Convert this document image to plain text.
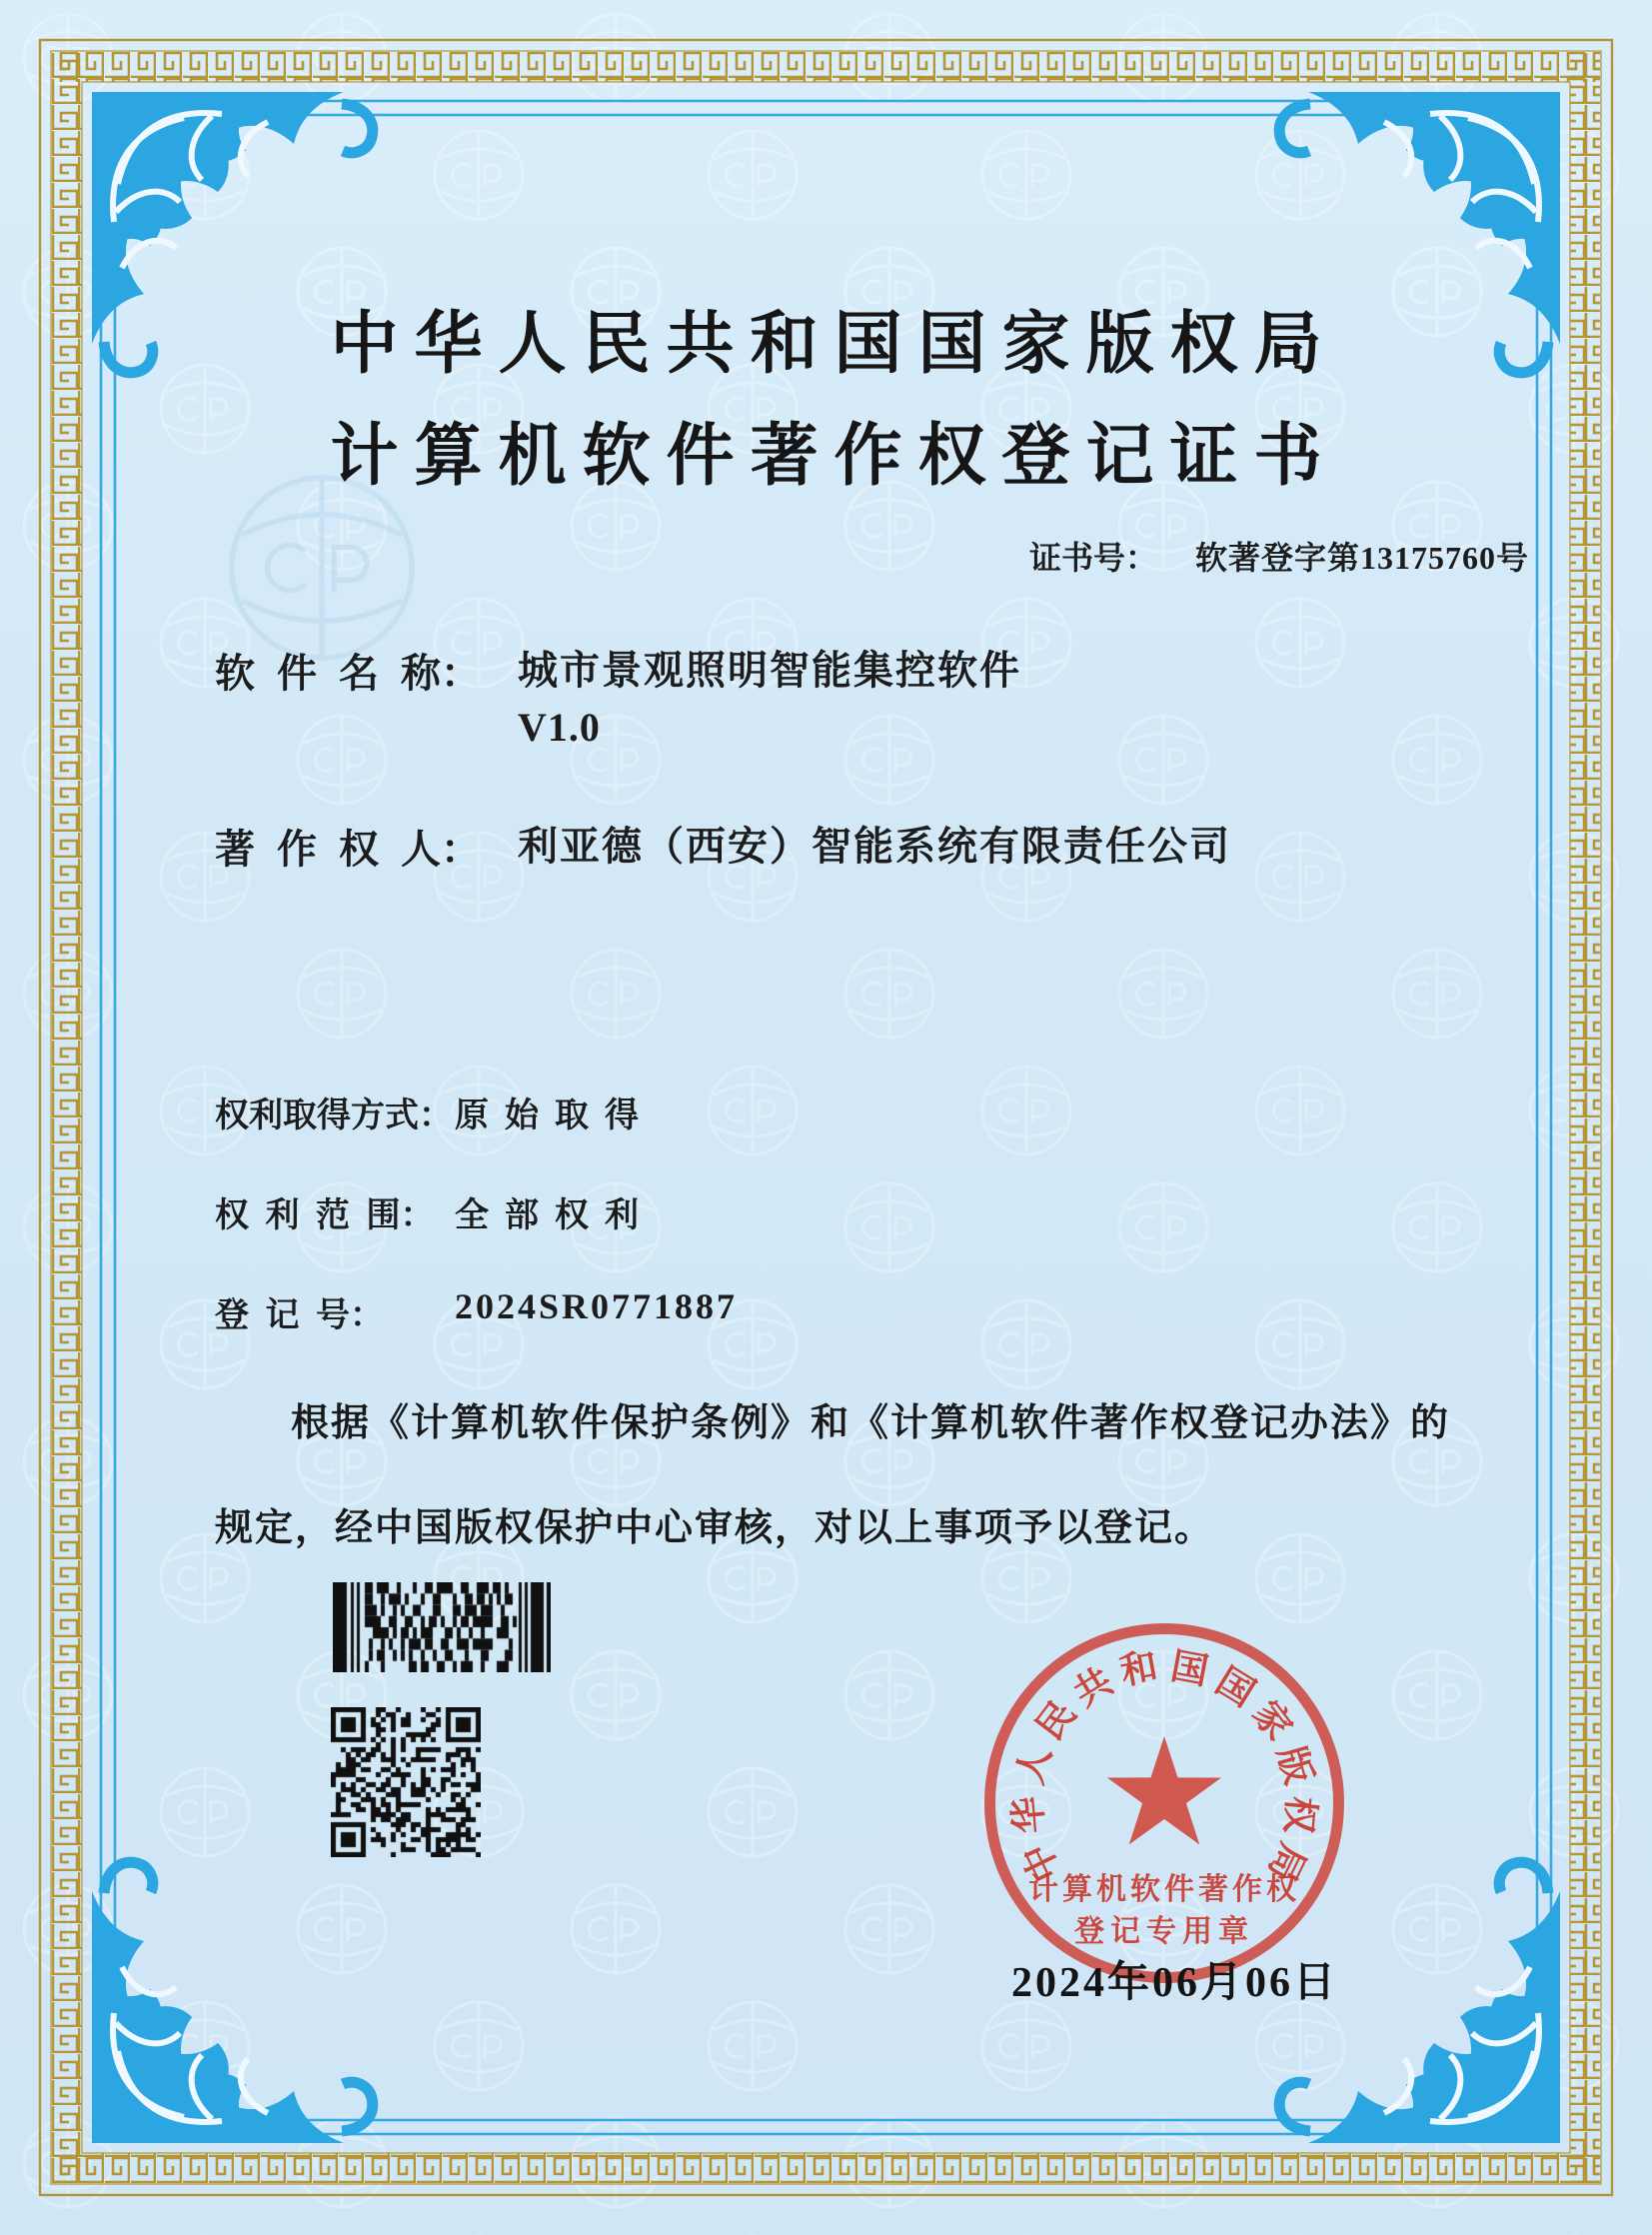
中华人民共和国国家版权局
计算机软件著作权登记证书
证书号： 软著登字第13175760号
软 件 名 称： 城市景观照明智能集控软件
V1.0
著 作 权 人： 利亚德（西安）智能系统有限责任公司
权利取得方式： 原始取得
权 利 范 围： 全部权利
登 记 号：	2024SR0771887
根据《计算机软件保护条例》和《计算机软件著作权登记办法》的
规定，经中国版权保护中心审核，对以上事项予以登记。
中
华
人
民
共
和 国
国
家
版
权
局
计算机软件著作权
登记专用章
2024年06月06日
